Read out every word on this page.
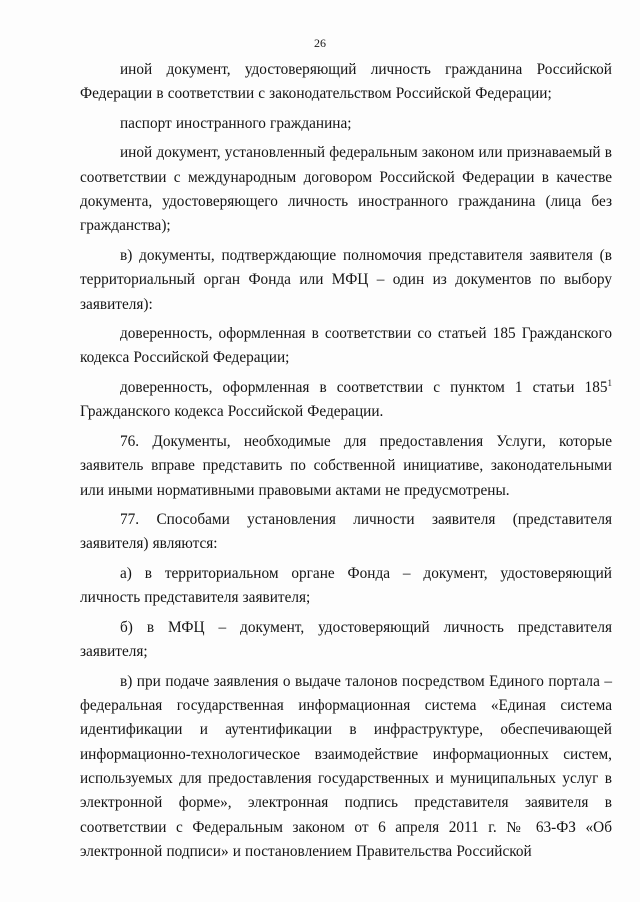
26

иной документ, удостоверяющий личность гражданина Российской Федерации в соответствии с законодательством Российской Федерации;

паспорт иностранного гражданина;

иной документ, установленный федеральным законом или признаваемый в соответствии с международным договором Российской Федерации в качестве документа, удостоверяющего личность иностранного гражданина (лица без гражданства);

в) документы, подтверждающие полномочия представителя заявителя (в территориальный орган Фонда или МФЦ – один из документов по выбору заявителя):

доверенность, оформленная в соответствии со статьей 185 Гражданского кодекса Российской Федерации;

доверенность, оформленная в соответствии с пунктом 1 статьи $185^1$ Гражданского кодекса Российской Федерации.

76. Документы, необходимые для предоставления Услуги, которые заявитель вправе представить по собственной инициативе, законодательными или иными нормативными правовыми актами не предусмотрены.

77. Способами установления личности заявителя (представителя заявителя) являются:

а) в территориальном органе Фонда – документ, удостоверяющий личность представителя заявителя;

б) в МФЦ – документ, удостоверяющий личность представителя заявителя;

в) при подаче заявления о выдаче талонов посредством Единого портала – федеральная государственная информационная система «Единая система идентификации и аутентификации в инфраструктуре, обеспечивающей информационно-технологическое взаимодействие информационных систем, используемых для предоставления государственных и муниципальных услуг в электронной форме», электронная подпись представителя заявителя в соответствии с Федеральным законом от 6 апреля 2011 г. № 63-ФЗ «Об электронной подписи» и постановлением Правительства Российской
